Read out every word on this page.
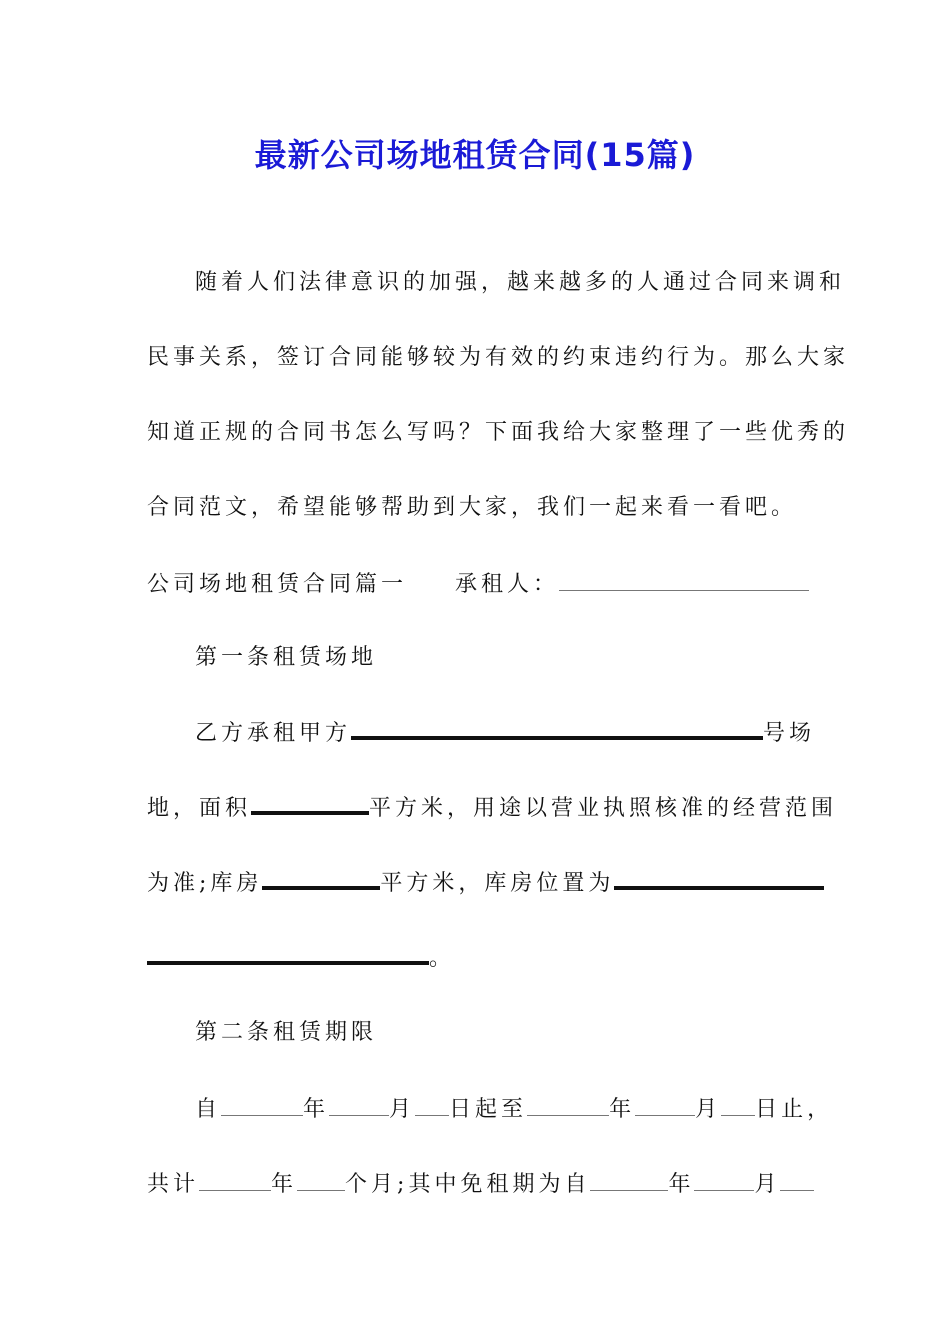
最新公司场地租赁合同(15篇)
随着人们法律意识的加强，越来越多的人通过合同来调和
民事关系，签订合同能够较为有效的约束违约行为。那么大家
知道正规的合同书怎么写吗？下面我给大家整理了一些优秀的
合同范文，希望能够帮助到大家，我们一起来看一看吧。
公司场地租赁合同篇一 承租人：
第一条租赁场地
乙方承租甲方	号场
地，面积	平方米，用途以营业执照核准的经营范围
为准;库房	平方米，库房位置为
。
第二条租赁期限
自	年	月 日起至	年	月 日止，
共计	年 个月;其中免租期为自	年	月
